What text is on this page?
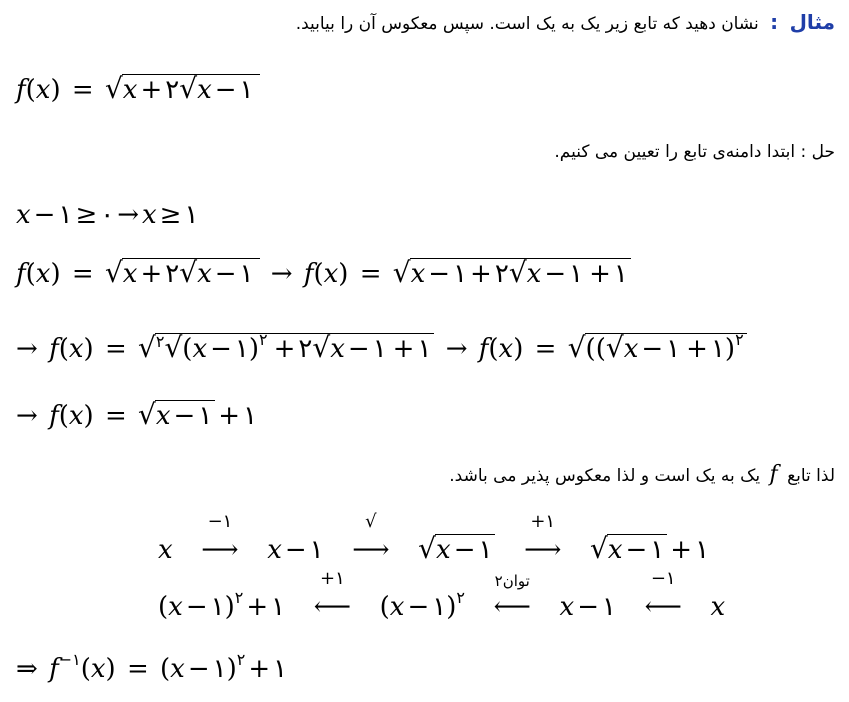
مثال : نشان دهید که تابع زیر یک به یک است. سپس معکوس آن را بیابید.
f(x) = √x + ۲√x − ۱
حل : ابتدا دامنه‌ی تابع را تعیین می کنیم.
x − ۱ ≥ ۰ → x ≥ ۱
f(x) = √x + ۲√x − ۱ → f(x) = √x − ۱ + ۲√x − ۱ + ۱
→ f(x) = √$^۲$√(x − ۱)$^۲$ + ۲√x − ۱ + ۱ → f(x) = √((√x − ۱ + ۱)$^۲$
→ f(x) = √x − ۱ + ۱
لذا تابع f یک به یک است و لذا معکوس پذیر می باشد.
x
−۱
⟶ x − ۱
√
⟶ √x − ۱
+۱
⟶ √x − ۱ + ۱
(x − ۱)$^۲$ + ۱
+۱
⟵ (x − ۱)$^۲$
توان۲
⟵ x − ۱
−۱
⟵ x
⇒ $f^{-۱}(x) = (x$ − ۱)$^۲$ + ۱
